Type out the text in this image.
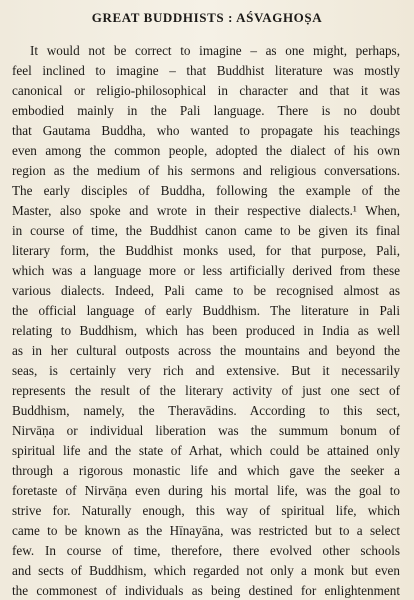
GREAT BUDDHISTS : AŚVAGHOṢA
It would not be correct to imagine – as one might, perhaps,
feel inclined to imagine – that Buddhist literature was mostly
canonical or religio-philosophical in character and that it was
embodied mainly in the Pali language. There is no doubt
that Gautama Buddha, who wanted to propagate his teachings
even among the common people, adopted the dialect of his own
region as the medium of his sermons and religious conversations.
The early disciples of Buddha, following the example of the
Master, also spoke and wrote in their respective dialects.¹ When,
in course of time, the Buddhist canon came to be given its final
literary form, the Buddhist monks used, for that purpose, Pali,
which was a language more or less artificially derived from these
various dialects. Indeed, Pali came to be recognised almost as
the official language of early Buddhism. The literature in Pali
relating to Buddhism, which has been produced in India as well
as in her cultural outposts across the mountains and beyond the
seas, is certainly very rich and extensive. But it necessarily
represents the result of the literary activity of just one sect of
Buddhism, namely, the Theravādins. According to this sect,
Nirvāṇa or individual liberation was the summum bonum of
spiritual life and the state of Arhat, which could be attained only
through a rigorous monastic life and which gave the seeker a
foretaste of Nirvāṇa even during his mortal life, was the goal to
strive for. Naturally enough, this way of spiritual life, which
came to be known as the Hīnayāna, was restricted but to a select
few. In course of time, therefore, there evolved other schools
and sects of Buddhism, which regarded not only a monk but even
the commonest of individuals as being destined for enlightenment
